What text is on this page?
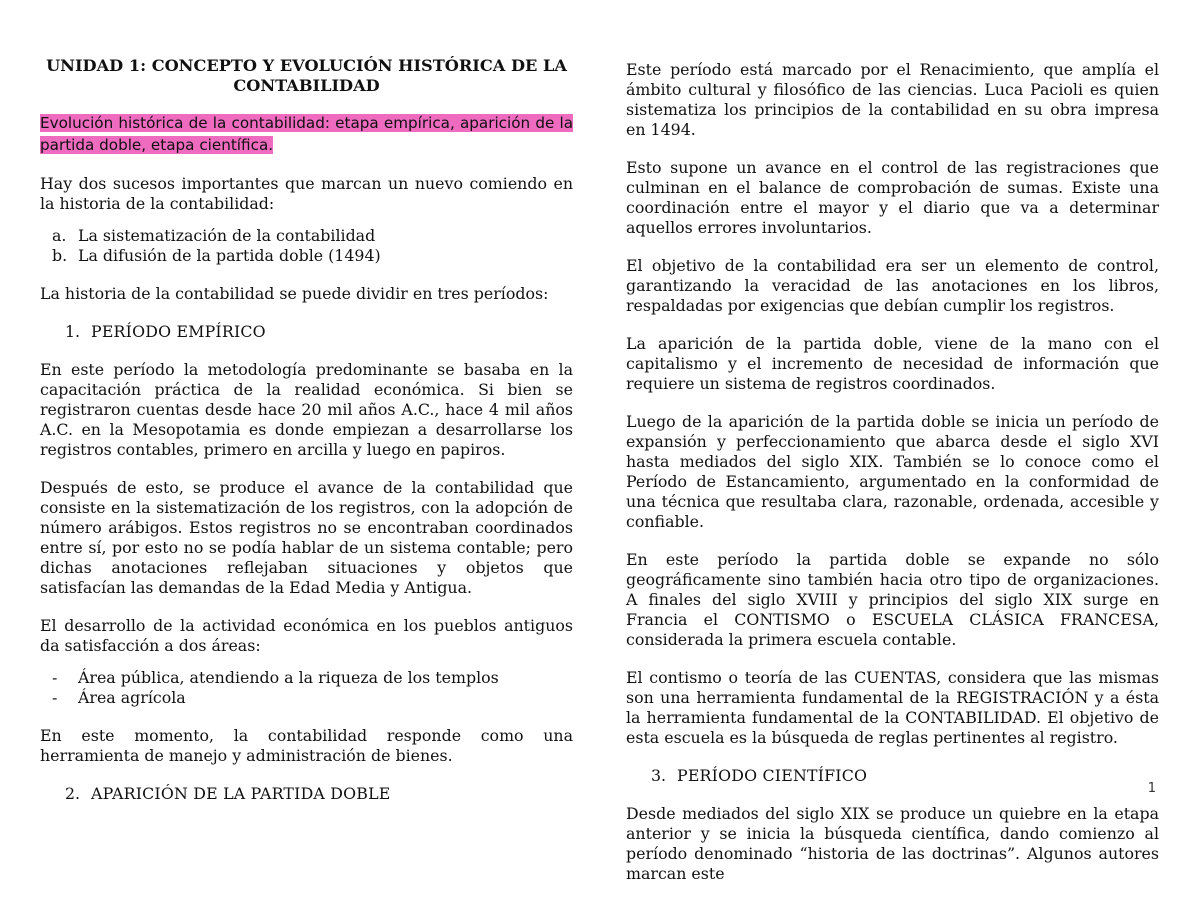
UNIDAD 1: CONCEPTO Y EVOLUCIÓN HISTÓRICA DE LA CONTABILIDAD
Evolución histórica de la contabilidad: etapa empírica, aparición de la partida doble, etapa científica.

Hay dos sucesos importantes que marcan un nuevo comiendo en la historia de la contabilidad:

a. La sistematización de la contabilidad
b. La difusión de la partida doble (1494)

La historia de la contabilidad se puede dividir en tres períodos:

1. PERÍODO EMPÍRICO

En este período la metodología predominante se basaba en la capacitación práctica de la realidad económica. Si bien se registraron cuentas desde hace 20 mil años A.C., hace 4 mil años A.C. en la Mesopotamia es donde empiezan a desarrollarse los registros contables, primero en arcilla y luego en papiros.

Después de esto, se produce el avance de la contabilidad que consiste en la sistematización de los registros, con la adopción de número arábigos. Estos registros no se encontraban coordinados entre sí, por esto no se podía hablar de un sistema contable; pero dichas anotaciones reflejaban situaciones y objetos que satisfacían las demandas de la Edad Media y Antigua.

El desarrollo de la actividad económica en los pueblos antiguos da satisfacción a dos áreas:

-	Área pública, atendiendo a la riqueza de los templos
-	Área agrícola

En este momento, la contabilidad responde como una herramienta de manejo y administración de bienes.

2. APARICIÓN DE LA PARTIDA DOBLE

Este período está marcado por el Renacimiento, que amplía el ámbito cultural y filosófico de las ciencias. Luca Pacioli es quien sistematiza los principios de la contabilidad en su obra impresa en 1494.

Esto supone un avance en el control de las registraciones que culminan en el balance de comprobación de sumas. Existe una coordinación entre el mayor y el diario que va a determinar aquellos errores involuntarios.

El objetivo de la contabilidad era ser un elemento de control, garantizando la veracidad de las anotaciones en los libros, respaldadas por exigencias que debían cumplir los registros.

La aparición de la partida doble, viene de la mano con el capitalismo y el incremento de necesidad de información que requiere un sistema de registros coordinados.

Luego de la aparición de la partida doble se inicia un período de expansión y perfeccionamiento que abarca desde el siglo XVI hasta mediados del siglo XIX. También se lo conoce como el Período de Estancamiento, argumentado en la conformidad de una técnica que resultaba clara, razonable, ordenada, accesible y confiable.

En este período la partida doble se expande no sólo geográficamente sino también hacia otro tipo de organizaciones. A finales del siglo XVIII y principios del siglo XIX surge en Francia el CONTISMO o ESCUELA CLÁSICA FRANCESA, considerada la primera escuela contable.

El contismo o teoría de las CUENTAS, considera que las mismas son una herramienta fundamental de la REGISTRACIÓN y a ésta la herramienta fundamental de la CONTABILIDAD. El objetivo de esta escuela es la búsqueda de reglas pertinentes al registro.

3. PERÍODO CIENTÍFICO

Desde mediados del siglo XIX se produce un quiebre en la etapa anterior y se inicia la búsqueda científica, dando comienzo al período denominado “historia de las doctrinas”. Algunos autores marcan este

1
